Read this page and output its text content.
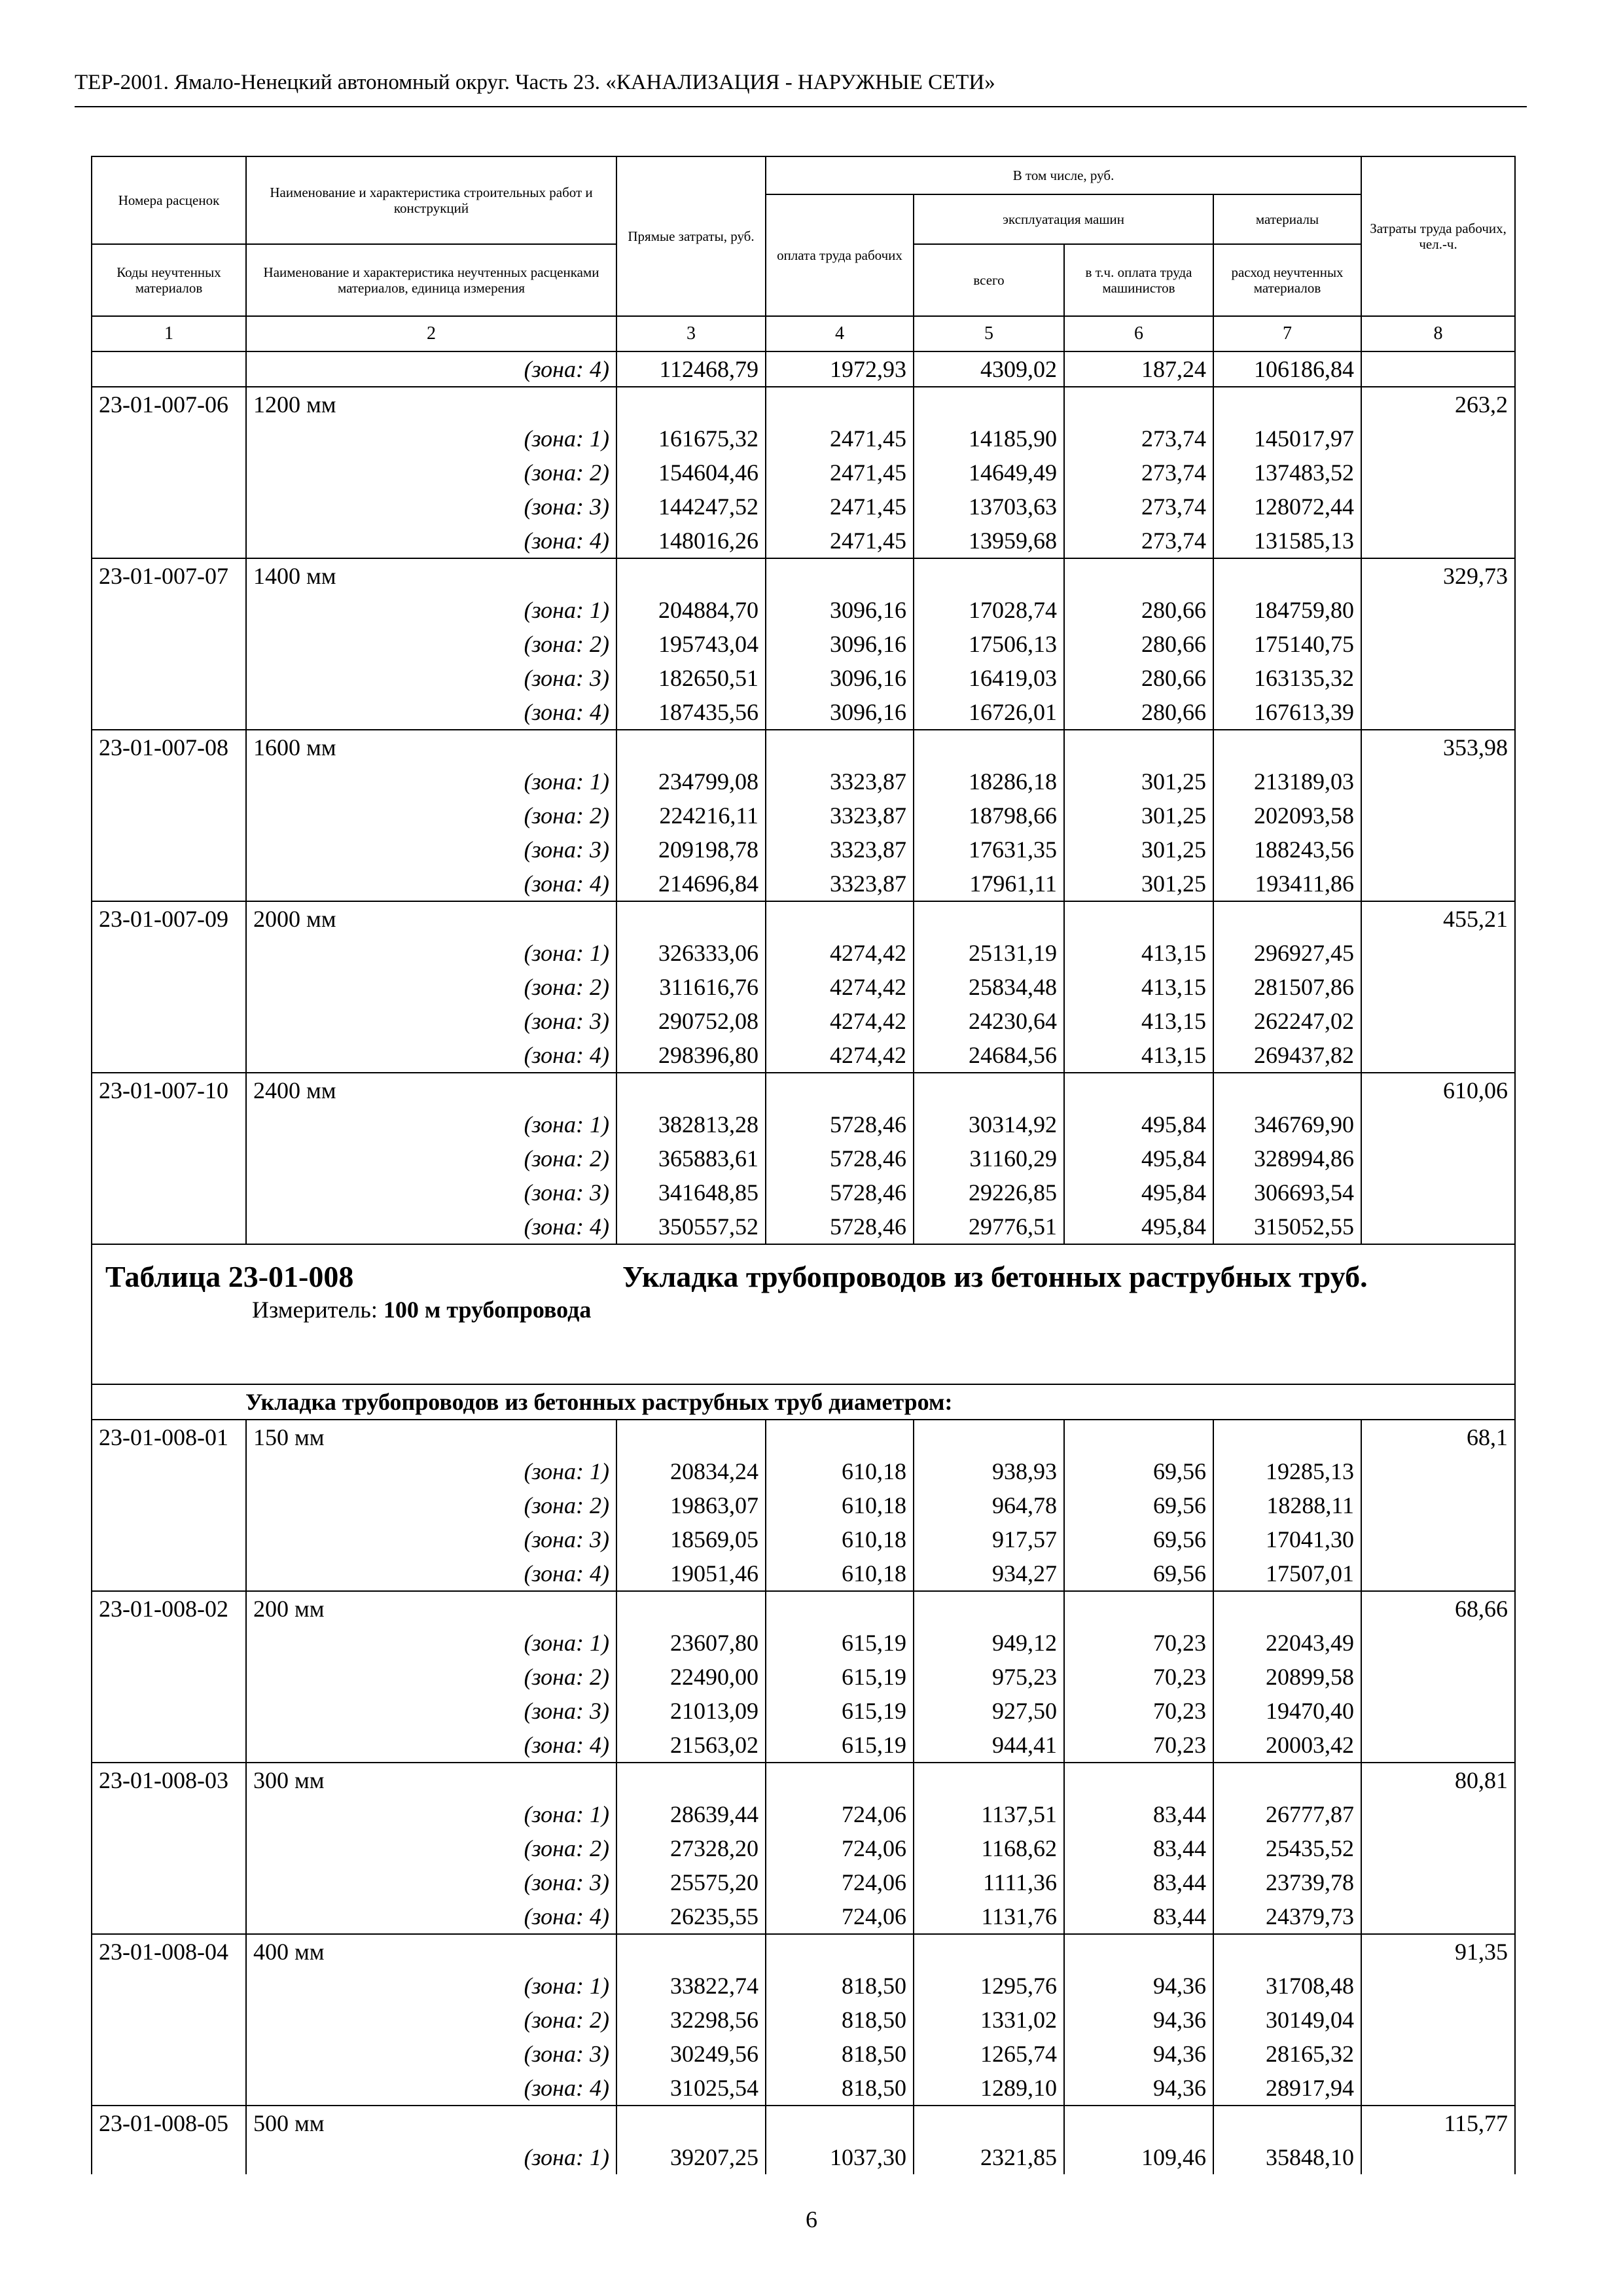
ТЕР-2001. Ямало-Ненецкий автономный округ. Часть 23. «КАНАЛИЗАЦИЯ - НАРУЖНЫЕ СЕТИ»
Номера расценок	Наименование и характеристика строительных работ и конструкций	Прямые затраты, руб.	В том числе, руб.				Затраты труда рабочих, чел.-ч.
			оплата труда рабочих	эксплуатация машин		материалы	
Коды неучтенных материалов	Наименование и характеристика неучтенных расценками материалов, единица измерения			всего	в т.ч. оплата труда машинистов	расход неучтенных материалов	

1	2	3	4	5	6	7	8
	(зона: 4)	112468,79	1972,93	4309,02	187,24	106186,84	
23-01-007-06	1200 мм						263,2
	(зона: 1)	161675,32	2471,45	14185,90	273,74	145017,97	
	(зона: 2)	154604,46	2471,45	14649,49	273,74	137483,52	
	(зона: 3)	144247,52	2471,45	13703,63	273,74	128072,44	
	(зона: 4)	148016,26	2471,45	13959,68	273,74	131585,13	
23-01-007-07	1400 мм						329,73
	(зона: 1)	204884,70	3096,16	17028,74	280,66	184759,80	
	(зона: 2)	195743,04	3096,16	17506,13	280,66	175140,75	
	(зона: 3)	182650,51	3096,16	16419,03	280,66	163135,32	
	(зона: 4)	187435,56	3096,16	16726,01	280,66	167613,39	
23-01-007-08	1600 мм						353,98
	(зона: 1)	234799,08	3323,87	18286,18	301,25	213189,03	
	(зона: 2)	224216,11	3323,87	18798,66	301,25	202093,58	
	(зона: 3)	209198,78	3323,87	17631,35	301,25	188243,56	
	(зона: 4)	214696,84	3323,87	17961,11	301,25	193411,86	
23-01-007-09	2000 мм						455,21
	(зона: 1)	326333,06	4274,42	25131,19	413,15	296927,45	
	(зона: 2)	311616,76	4274,42	25834,48	413,15	281507,86	
	(зона: 3)	290752,08	4274,42	24230,64	413,15	262247,02	
	(зона: 4)	298396,80	4274,42	24684,56	413,15	269437,82	
23-01-007-10	2400 мм						610,06
	(зона: 1)	382813,28	5728,46	30314,92	495,84	346769,90	
	(зона: 2)	365883,61	5728,46	31160,29	495,84	328994,86	
	(зона: 3)	341648,85	5728,46	29226,85	495,84	306693,54	
	(зона: 4)	350557,52	5728,46	29776,51	495,84	315052,55	

Таблица 23-01-008 Укладка трубопроводов из бетонных раструбных труб.
Измеритель: 100 м трубопровода							

Укладка трубопроводов из бетонных раструбных труб диаметром:							
23-01-008-01	150 мм						68,1
	(зона: 1)	20834,24	610,18	938,93	69,56	19285,13	
	(зона: 2)	19863,07	610,18	964,78	69,56	18288,11	
	(зона: 3)	18569,05	610,18	917,57	69,56	17041,30	
	(зона: 4)	19051,46	610,18	934,27	69,56	17507,01	
23-01-008-02	200 мм						68,66
	(зона: 1)	23607,80	615,19	949,12	70,23	22043,49	
	(зона: 2)	22490,00	615,19	975,23	70,23	20899,58	
	(зона: 3)	21013,09	615,19	927,50	70,23	19470,40	
	(зона: 4)	21563,02	615,19	944,41	70,23	20003,42	
23-01-008-03	300 мм						80,81
	(зона: 1)	28639,44	724,06	1137,51	83,44	26777,87	
	(зона: 2)	27328,20	724,06	1168,62	83,44	25435,52	
	(зона: 3)	25575,20	724,06	1111,36	83,44	23739,78	
	(зона: 4)	26235,55	724,06	1131,76	83,44	24379,73	
23-01-008-04	400 мм						91,35
	(зона: 1)	33822,74	818,50	1295,76	94,36	31708,48	
	(зона: 2)	32298,56	818,50	1331,02	94,36	30149,04	
	(зона: 3)	30249,56	818,50	1265,74	94,36	28165,32	
	(зона: 4)	31025,54	818,50	1289,10	94,36	28917,94	
23-01-008-05	500 мм						115,77
	(зона: 1)	39207,25	1037,30	2321,85	109,46	35848,10	
6
